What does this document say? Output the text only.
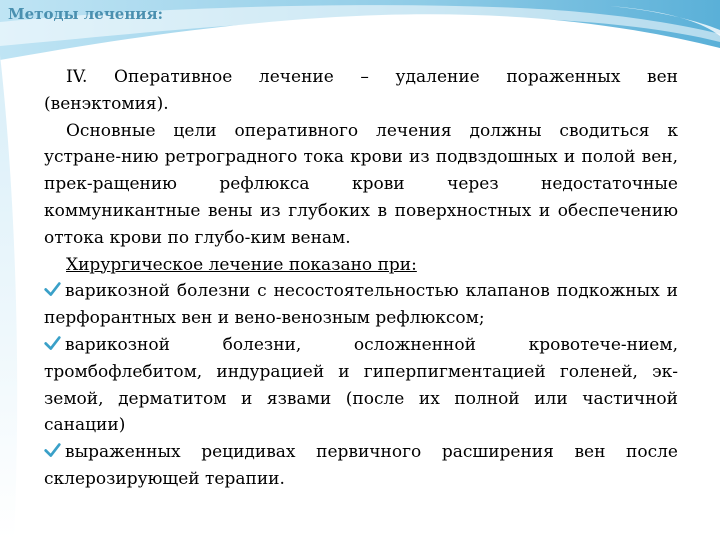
Методы лечения:

IV. Оперативное лечение – удаление пораженных вен (венэктомия).

Основные цели оперативного лечения должны сводиться к устране-нию ретроградного тока крови из подвздошных и полой вен, прек-ращению рефлюкса крови через недостаточные коммуникантные вены из глубоких в поверхностных и обеспечению оттока крови по глубо-ким венам.

Хирургическое лечение показано при:

варикозной болезни с несостоятельностью клапанов подкожных и перфорантных вен и вено-венозным рефлюксом;

варикозной болезни, осложненной кровотече-нием, тромбофлебитом, индурацией и гиперпигментацией голеней, эк-земой, дерматитом и язвами (после их полной или частичной санации)

выраженных рецидивах первичного расширения вен после склерозирующей терапии.
